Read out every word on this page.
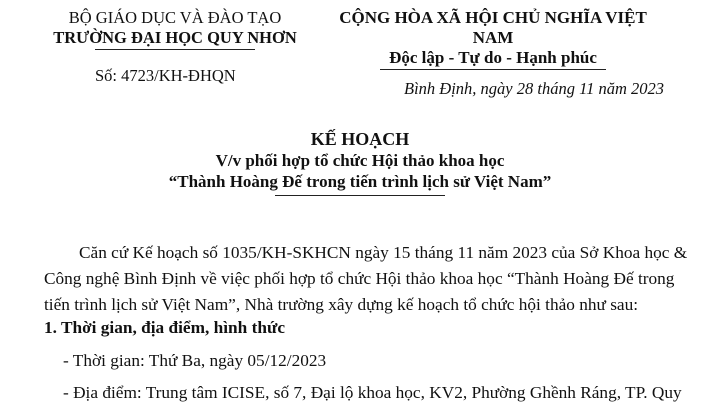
BỘ GIÁO DỤC VÀ ĐÀO TẠO
TRƯỜNG ĐẠI HỌC QUY NHƠN
CỘNG HÒA XÃ HỘI CHỦ NGHĨA VIỆT NAM
Độc lập - Tự do - Hạnh phúc
Số: 4723/KH-ĐHQN
Bình Định, ngày 28 tháng 11 năm 2023
KẾ HOẠCH
V/v phối hợp tổ chức Hội thảo khoa học
“Thành Hoàng Đế trong tiến trình lịch sử Việt Nam”
Căn cứ Kế hoạch số 1035/KH-SKHCN ngày 15 tháng 11 năm 2023 của Sở Khoa học &
Công nghệ Bình Định về việc phối hợp tổ chức Hội thảo khoa học “Thành Hoàng Đế trong
tiến trình lịch sử Việt Nam”, Nhà trường xây dựng kế hoạch tổ chức hội thảo như sau:
1. Thời gian, địa điểm, hình thức
- Thời gian: Thứ Ba, ngày 05/12/2023
- Địa điểm: Trung tâm ICISE, số 7, Đại lộ khoa học, KV2, Phường Ghềnh Ráng, TP. Quy
